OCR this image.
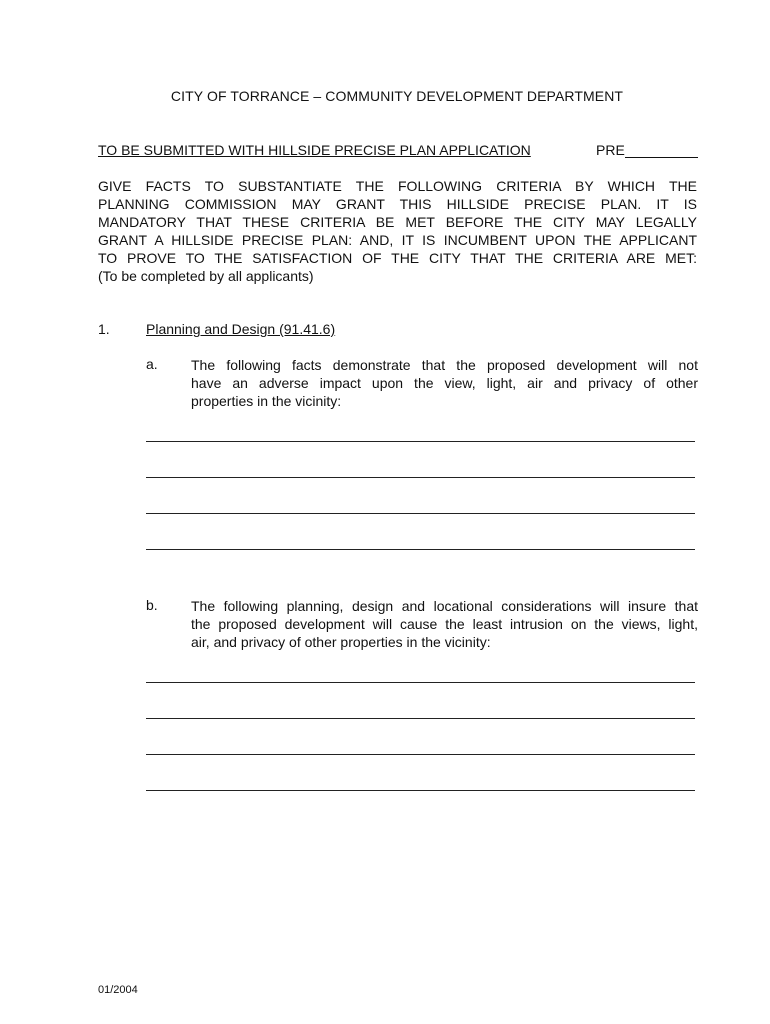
CITY OF TORRANCE – COMMUNITY DEVELOPMENT DEPARTMENT
TO BE SUBMITTED WITH HILLSIDE PRECISE PLAN APPLICATION	PRE
GIVE FACTS TO SUBSTANTIATE THE FOLLOWING CRITERIA BY WHICH THE
PLANNING COMMISSION MAY GRANT THIS HILLSIDE PRECISE PLAN. IT IS
MANDATORY THAT THESE CRITERIA BE MET BEFORE THE CITY MAY LEGALLY
GRANT A HILLSIDE PRECISE PLAN: AND, IT IS INCUMBENT UPON THE APPLICANT
TO PROVE TO THE SATISFACTION OF THE CITY THAT THE CRITERIA ARE MET:
(To be completed by all applicants)
1.	Planning and Design (91.41.6)
a. The following facts demonstrate that the proposed development will not
have an adverse impact upon the view, light, air and privacy of other
properties in the vicinity:
b. The following planning, design and locational considerations will insure that
the proposed development will cause the least intrusion on the views, light,
air, and privacy of other properties in the vicinity:
01/2004
